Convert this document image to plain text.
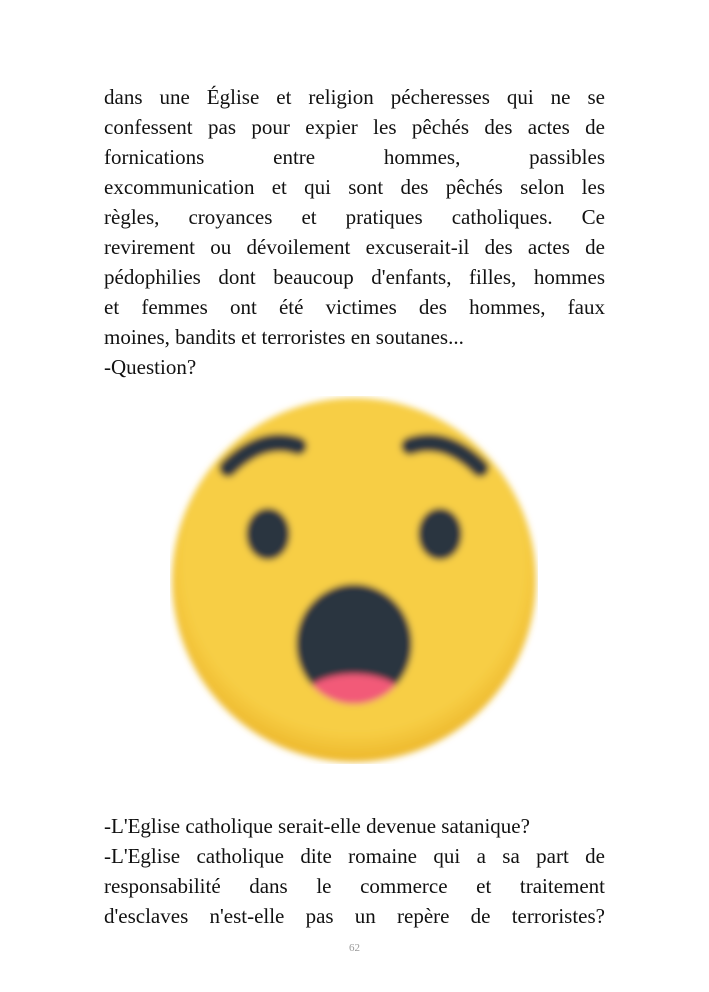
dans une Église et religion pécheresses qui ne se
confessent pas pour expier les pêchés des actes de
fornications entre hommes, passibles
excommunication et qui sont des pêchés selon les
règles, croyances et pratiques catholiques. Ce
revirement ou dévoilement excuserait-il des actes de
pédophilies dont beaucoup d'enfants, filles, hommes
et femmes ont été victimes des hommes, faux
moines, bandits et terroristes en soutanes...
-Question?
-L'Eglise catholique serait-elle devenue satanique?
-L'Eglise catholique dite romaine qui a sa part de
responsabilité dans le commerce et traitement
d'esclaves n'est-elle pas un repère de terroristes?
62
